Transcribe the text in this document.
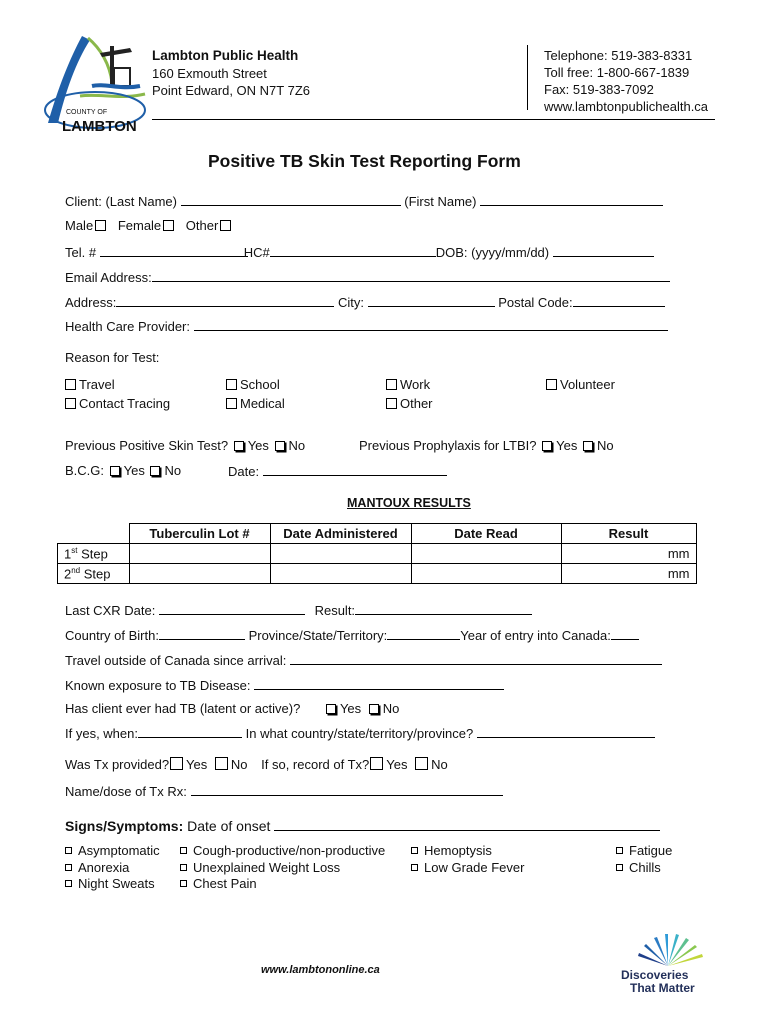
COUNTY OF
LAMBTON
Lambton Public Health
160 Exmouth Street
Point Edward, ON N7T 7Z6
Telephone: 519-383-8331
Toll free: 1-800-667-1839
Fax: 519-383-7092
www.lambtonpublichealth.ca
Positive TB Skin Test Reporting Form
Client: (Last Name)	(First Name)
Male Female Other
Tel. #	HC#	DOB: (yyyy/mm/dd)
Email Address:
Address:	City:	Postal Code:
Health Care Provider:
Reason for Test:
Travel
Contact Tracing
School
Medical
Work
Other
Volunteer
Previous Positive Skin Test? Yes No	Previous Prophylaxis for LTBI? Yes No
B.C.G: Yes No	Date:
MANTOUX RESULTS
	Tuberculin Lot #	Date Administered	Date Read	Result
1st Step				mm
2nd Step				mm
Last CXR Date:	Result:
Country of Birth:	Province/State/Territory:	Year of entry into Canada:
Travel outside of Canada since arrival:
Known exposure to TB Disease:
Has client ever had TB (latent or active)?	Yes No
If yes, when:	In what country/state/territory/province?
Was Tx provided? Yes No If so, record of Tx? Yes No
Name/dose of Tx Rx:
Signs/Symptoms: Date of onset
Asymptomatic
Anorexia
Night Sweats
Cough-productive/non-productive
Unexplained Weight Loss
Chest Pain
Hemoptysis
Low Grade Fever
Fatigue
Chills
www.lambtononline.ca	Discoveries
That Matter
